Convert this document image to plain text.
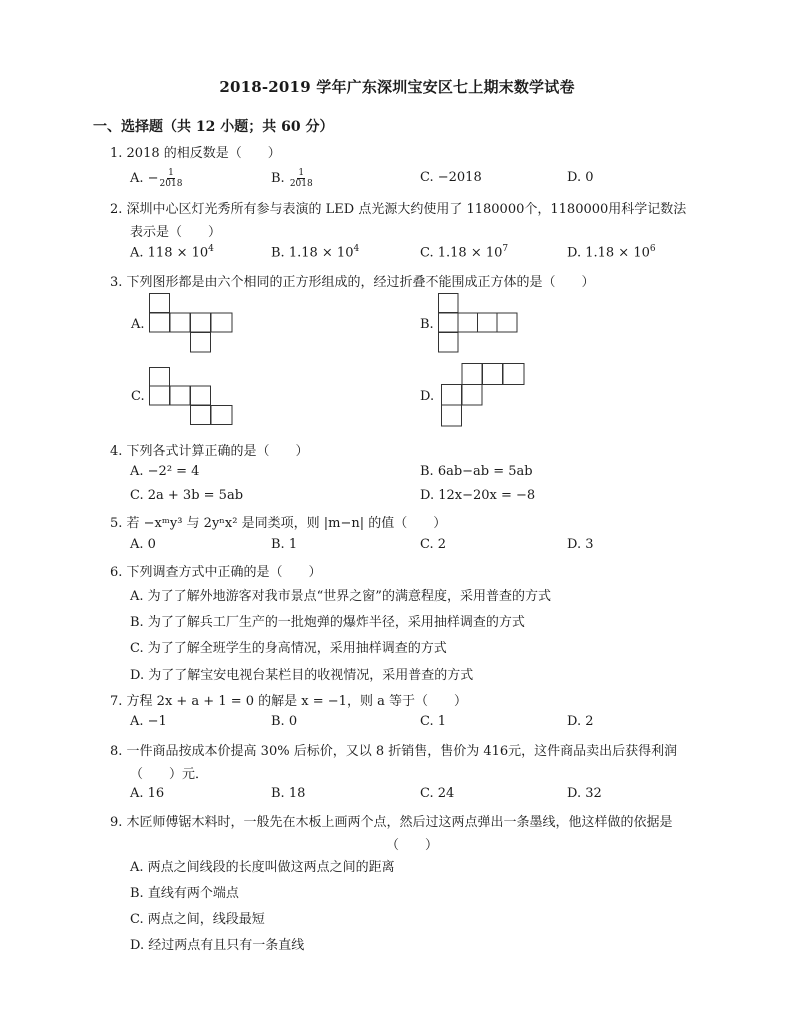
2018-2019 学年广东深圳宝安区七上期末数学试卷
一、选择题（共 12 小题；共 60 分）
1. 2018 的相反数是（　　）
A. − $\frac{1}{2018}$	B. $\frac{1}{2018}$	C. −2018	D. 0
2. 深圳中心区灯光秀所有参与表演的 LED 点光源大约使用了 1180000个，1180000用科学记数法
表示是（　　）
A. $118 \times 10^4$	B. $1.18 \times 10^4$	C. $1.18 \times 10^7$	D. $1.18 \times 10^6$
3. 下列图形都是由六个相同的正方形组成的，经过折叠不能围成正方体的是（　　）
A.	B.
C.	D.
4. 下列各式计算正确的是（　　）
A. −2² = 4	B. 6ab−ab = 5ab
C. 2a + 3b = 5ab	D. 12x−20x = −8
5. 若 −xᵐy³ 与 2yⁿx² 是同类项，则 |m−n| 的值（　　）
A. 0	B. 1	C. 2	D. 3
6. 下列调查方式中正确的是（　　）
A. 为了了解外地游客对我市景点“世界之窗”的满意程度，采用普查的方式
B. 为了了解兵工厂生产的一批炮弹的爆炸半径，采用抽样调查的方式
C. 为了了解全班学生的身高情况，采用抽样调查的方式
D. 为了了解宝安电视台某栏目的收视情况，采用普查的方式
7. 方程 2x + a + 1 = 0 的解是 x = −1，则 a 等于（　　）
A. −1	B. 0	C. 1	D. 2
8. 一件商品按成本价提高 30% 后标价，又以 8 折销售，售价为 416元，这件商品卖出后获得利润
（　　）元．
A. 16	B. 18	C. 24	D. 32
9. 木匠师傅锯木料时，一般先在木板上画两个点，然后过这两点弹出一条墨线，他这样做的依据是
（　　）
A. 两点之间线段的长度叫做这两点之间的距离
B. 直线有两个端点
C. 两点之间，线段最短
D. 经过两点有且只有一条直线
